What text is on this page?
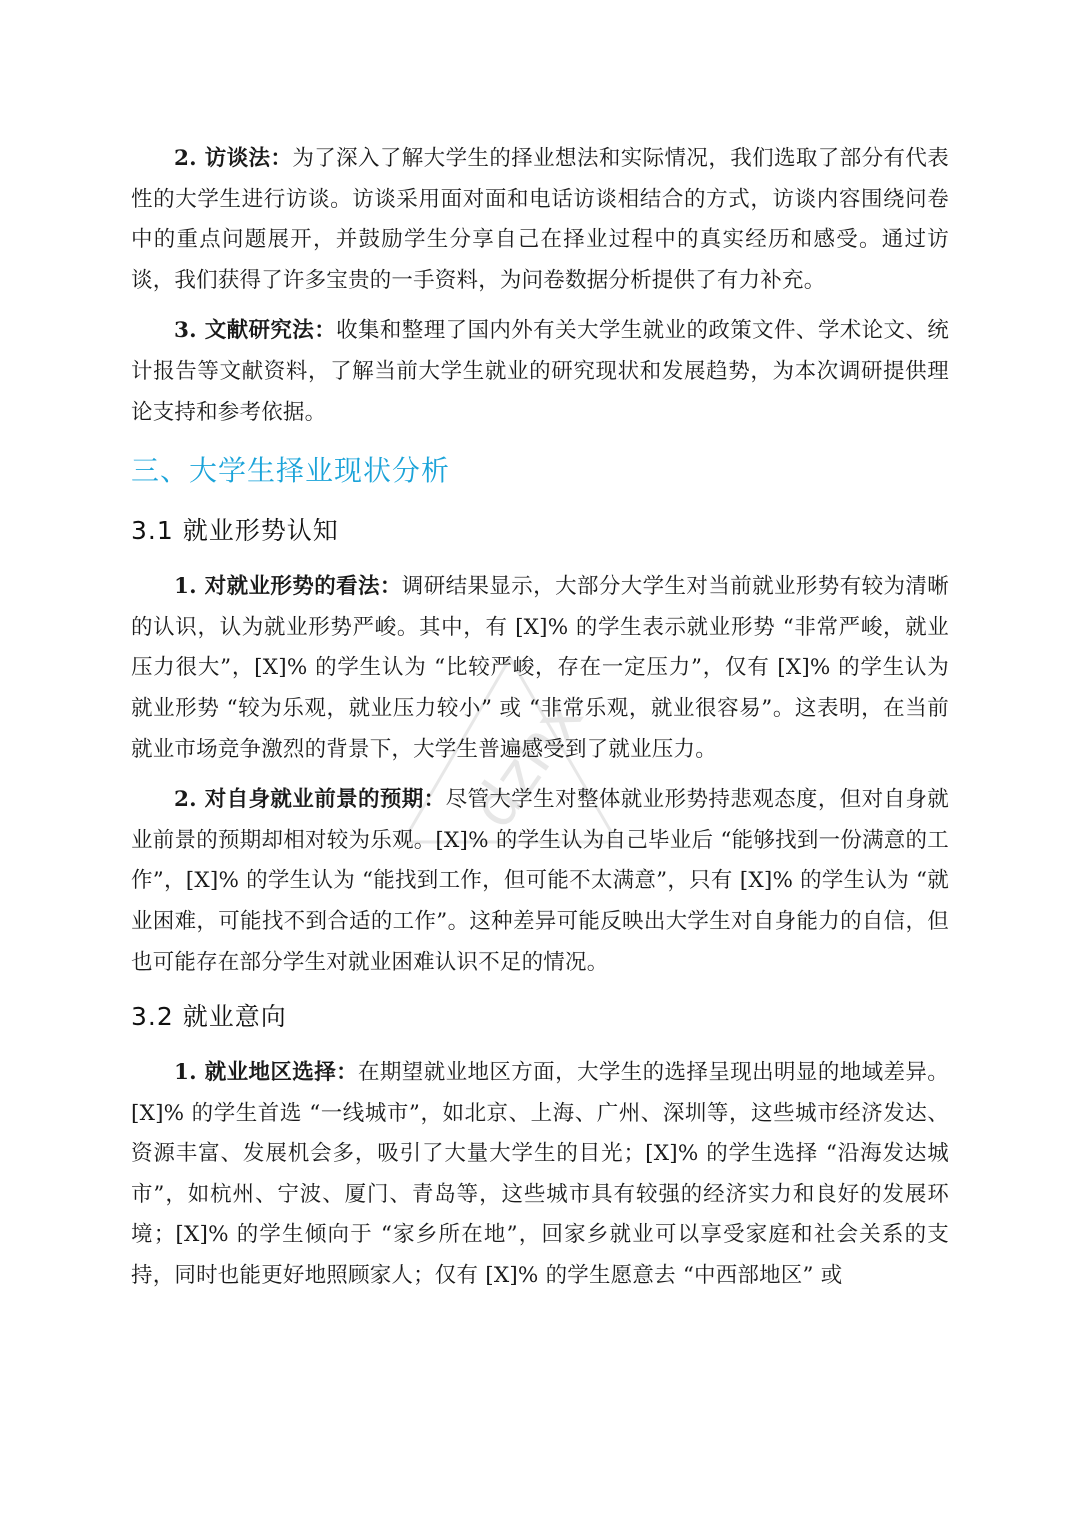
2. 访谈法：为了深入了解大学生的择业想法和实际情况，我们选取了部分有代表性的大学生进行访谈。访谈采用面对面和电话访谈相结合的方式，访谈内容围绕问卷中的重点问题展开，并鼓励学生分享自己在择业过程中的真实经历和感受。通过访谈，我们获得了许多宝贵的一手资料，为问卷数据分析提供了有力补充。

3. 文献研究法：收集和整理了国内外有关大学生就业的政策文件、学术论文、统计报告等文献资料，了解当前大学生就业的研究现状和发展趋势，为本次调研提供理论支持和参考依据。

三、大学生择业现状分析
3.1 就业形势认知

1. 对就业形势的看法：调研结果显示，大部分大学生对当前就业形势有较为清晰的认识，认为就业形势严峻。其中，有 [X]% 的学生表示就业形势 “非常严峻，就业压力很大”，[X]% 的学生认为 “比较严峻，存在一定压力”，仅有 [X]% 的学生认为就业形势 “较为乐观，就业压力较小” 或 “非常乐观，就业很容易”。这表明，在当前就业市场竞争激烈的背景下，大学生普遍感受到了就业压力。

2. 对自身就业前景的预期：尽管大学生对整体就业形势持悲观态度，但对自身就业前景的预期却相对较为乐观。[X]% 的学生认为自己毕业后 “能够找到一份满意的工作”，[X]% 的学生认为 “能找到工作，但可能不太满意”，只有 [X]% 的学生认为 “就业困难，可能找不到合适的工作”。这种差异可能反映出大学生对自身能力的自信，但也可能存在部分学生对就业困难认识不足的情况。

3.2 就业意向

1. 就业地区选择：在期望就业地区方面，大学生的选择呈现出明显的地域差异。[X]% 的学生首选 “一线城市”，如北京、上海、广州、深圳等，这些城市经济发达、资源丰富、发展机会多，吸引了大量大学生的目光；[X]% 的学生选择 “沿海发达城市”，如杭州、宁波、厦门、青岛等，这些城市具有较强的经济实力和良好的发展环境；[X]% 的学生倾向于 “家乡所在地”，回家乡就业可以享受家庭和社会关系的支持，同时也能更好地照顾家人；仅有 [X]% 的学生愿意去 “中西部地区” 或

dzhx
